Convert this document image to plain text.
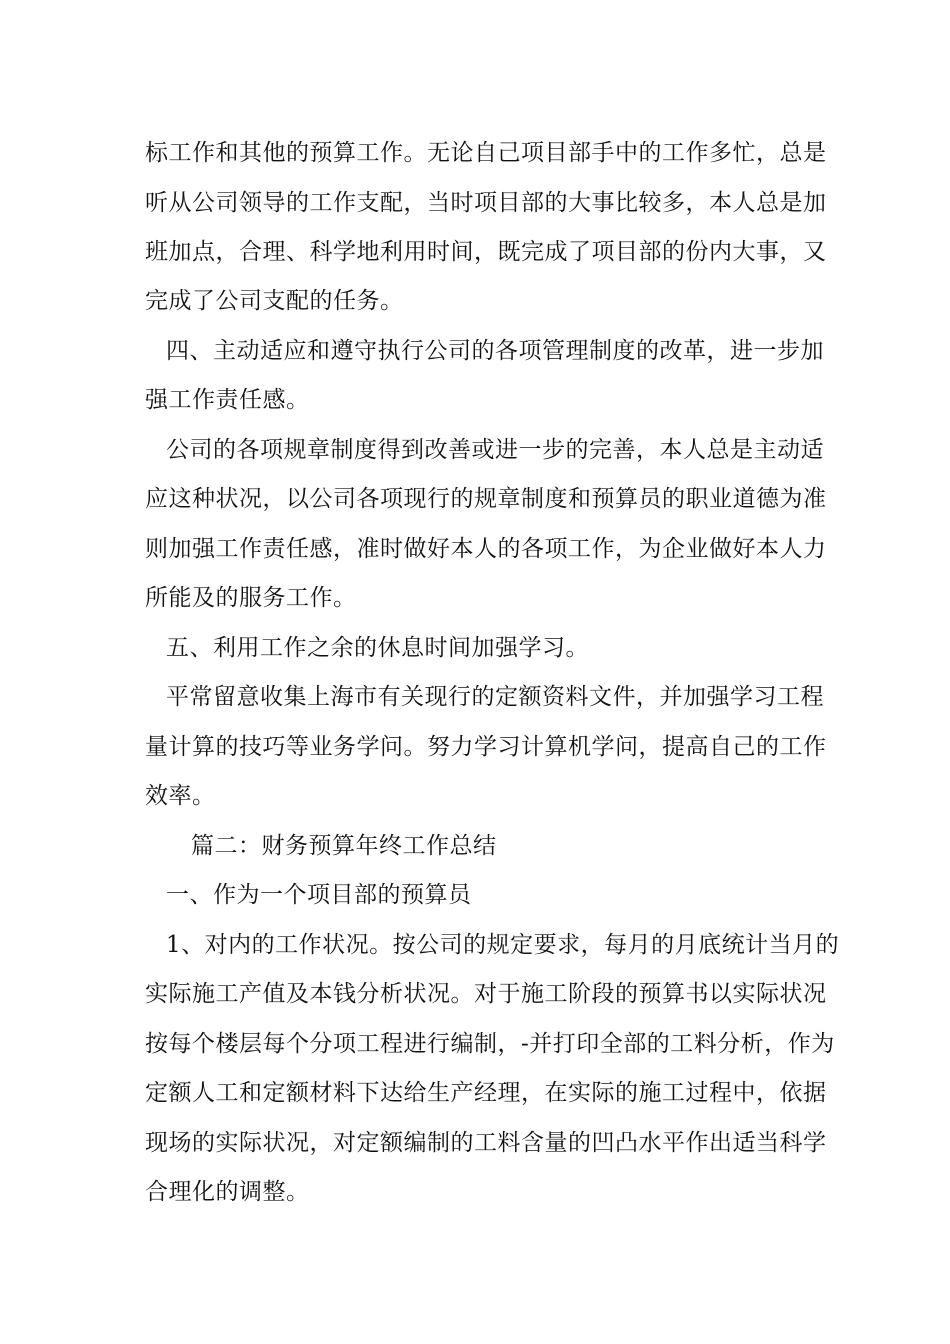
标工作和其他的预算工作。无论自己项目部手中的工作多忙，总是
听从公司领导的工作支配，当时项目部的大事比较多，本人总是加
班加点，合理、科学地利用时间，既完成了项目部的份内大事，又
完成了公司支配的任务。
四、主动适应和遵守执行公司的各项管理制度的改革，进一步加
强工作责任感。
公司的各项规章制度得到改善或进一步的完善，本人总是主动适
应这种状况，以公司各项现行的规章制度和预算员的职业道德为准
则加强工作责任感，准时做好本人的各项工作，为企业做好本人力
所能及的服务工作。
五、利用工作之余的休息时间加强学习。
平常留意收集上海市有关现行的定额资料文件，并加强学习工程
量计算的技巧等业务学问。努力学习计算机学问，提高自己的工作
效率。
篇二：财务预算年终工作总结
一、作为一个项目部的预算员
1、对内的工作状况。按公司的规定要求，每月的月底统计当月的
实际施工产值及本钱分析状况。对于施工阶段的预算书以实际状况
按每个楼层每个分项工程进行编制，-并打印全部的工料分析，作为
定额人工和定额材料下达给生产经理，在实际的施工过程中，依据
现场的实际状况，对定额编制的工料含量的凹凸水平作出适当科学
合理化的调整。
